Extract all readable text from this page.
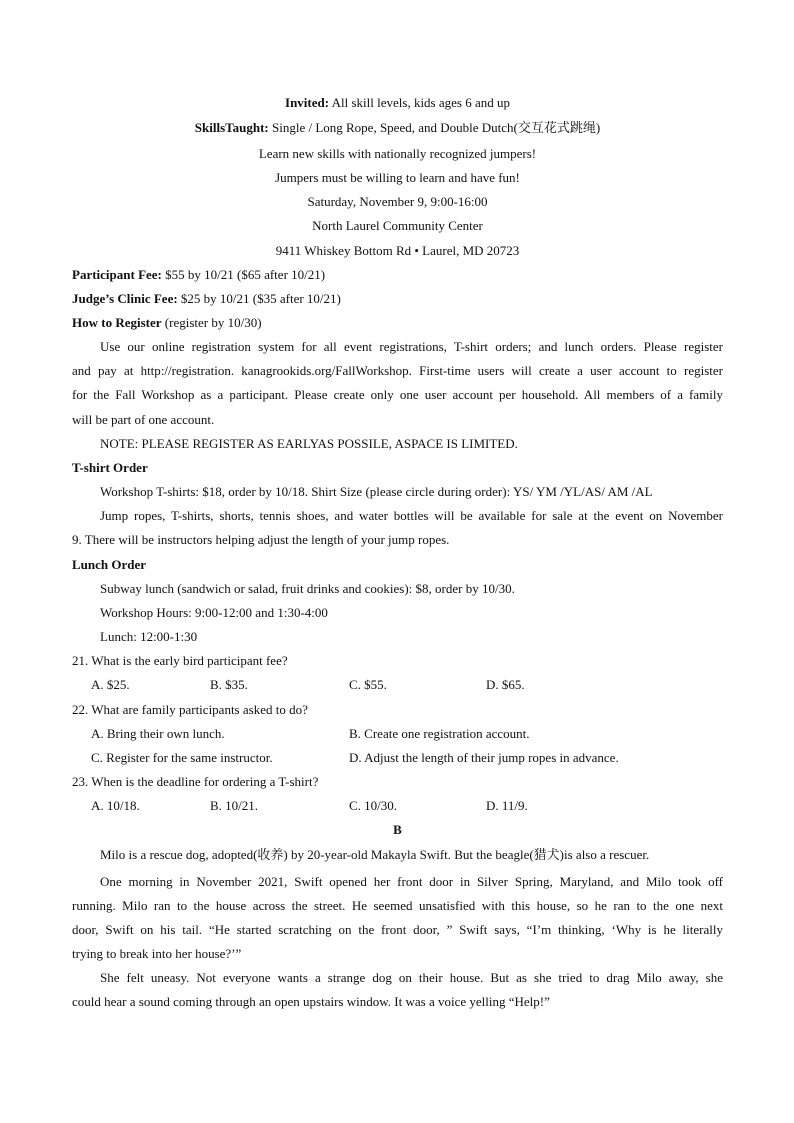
Invited: All skill levels, kids ages 6 and up
SkillsTaught: Single / Long Rope, Speed, and Double Dutch(交互花式跳绳)
Learn new skills with nationally recognized jumpers!
Jumpers must be willing to learn and have fun!
Saturday, November 9, 9:00-16:00
North Laurel Community Center
9411 Whiskey Bottom Rd • Laurel, MD 20723
Participant Fee: $55 by 10/21 ($65 after 10/21)
Judge’s Clinic Fee: $25 by 10/21 ($35 after 10/21)
How to Register (register by 10/30)
Use our online registration system for all event registrations, T-shirt orders; and lunch orders. Please register
and pay at http://registration. kanagrookids.org/FallWorkshop. First-time users will create a user account to register
for the Fall Workshop as a participant. Please create only one user account per household. All members of a family
will be part of one account.
NOTE: PLEASE REGISTER AS EARLYAS POSSILE, ASPACE IS LIMITED.
T-shirt Order
Workshop T-shirts: $18, order by 10/18. Shirt Size (please circle during order): YS/ YM /YL/AS/ AM /AL
Jump ropes, T-shirts, shorts, tennis shoes, and water bottles will be available for sale at the event on November
9. There will be instructors helping adjust the length of your jump ropes.
Lunch Order
Subway lunch (sandwich or salad, fruit drinks and cookies): $8, order by 10/30.
Workshop Hours: 9:00-12:00 and 1:30-4:00
Lunch: 12:00-1:30
21. What is the early bird participant fee?
A. $25.	B. $35.	C. $55.	D. $65.
22. What are family participants asked to do?
A. Bring their own lunch.	B. Create one registration account.
C. Register for the same instructor.	D. Adjust the length of their jump ropes in advance.
23. When is the deadline for ordering a T-shirt?
A. 10/18.	B. 10/21.	C. 10/30.	D. 11/9.
B
Milo is a rescue dog, adopted(收养) by 20-year-old Makayla Swift. But the beagle(猎犬)is also a rescuer.
One morning in November 2021, Swift opened her front door in Silver Spring, Maryland, and Milo took off
running. Milo ran to the house across the street. He seemed unsatisfied with this house, so he ran to the one next
door, Swift on his tail. “He started scratching on the front door, ” Swift says, “I’m thinking, ‘Why is he literally
trying to break into her house?’”
She felt uneasy. Not everyone wants a strange dog on their house. But as she tried to drag Milo away, she
could hear a sound coming through an open upstairs window. It was a voice yelling “Help!”
